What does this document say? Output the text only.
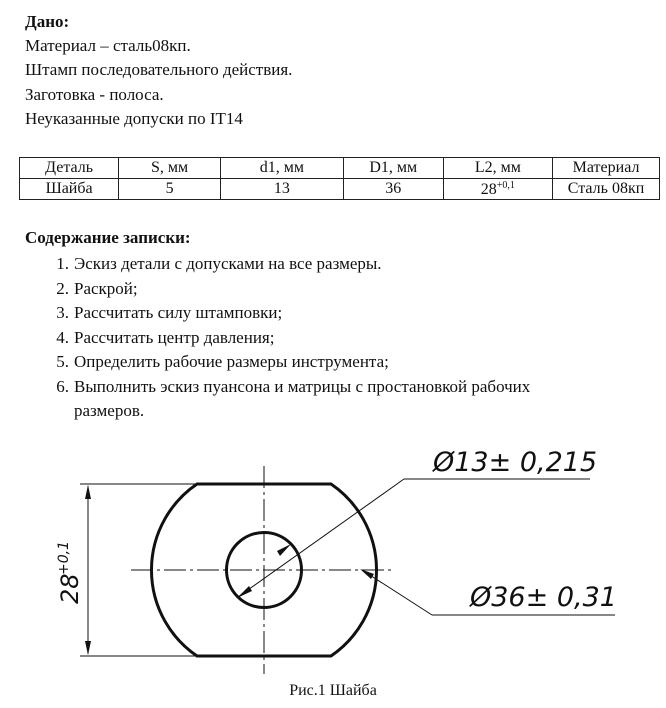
Дано:
Материал – сталь08кп.
Штамп последовательного действия.
Заготовка - полоса.
Неуказанные допуски по IT14
Деталь	S, мм	d1, мм	D1, мм	L2, мм	Материал
Шайба	5	13	36	$28^{+0,1}$	Сталь 08кп
Содержание записки:
1. Эскиз детали с допусками на все размеры.
2. Раскрой;
3. Рассчитать силу штамповки;
4. Рассчитать центр давления;
5. Определить рабочие размеры инструмента;
6. Выполнить эскиз пуансона и матрицы с простановкой рабочих
размеров.
28
+0,1
Ø13± 0,215
Ø36± 0,31
Рис.1 Шайба
